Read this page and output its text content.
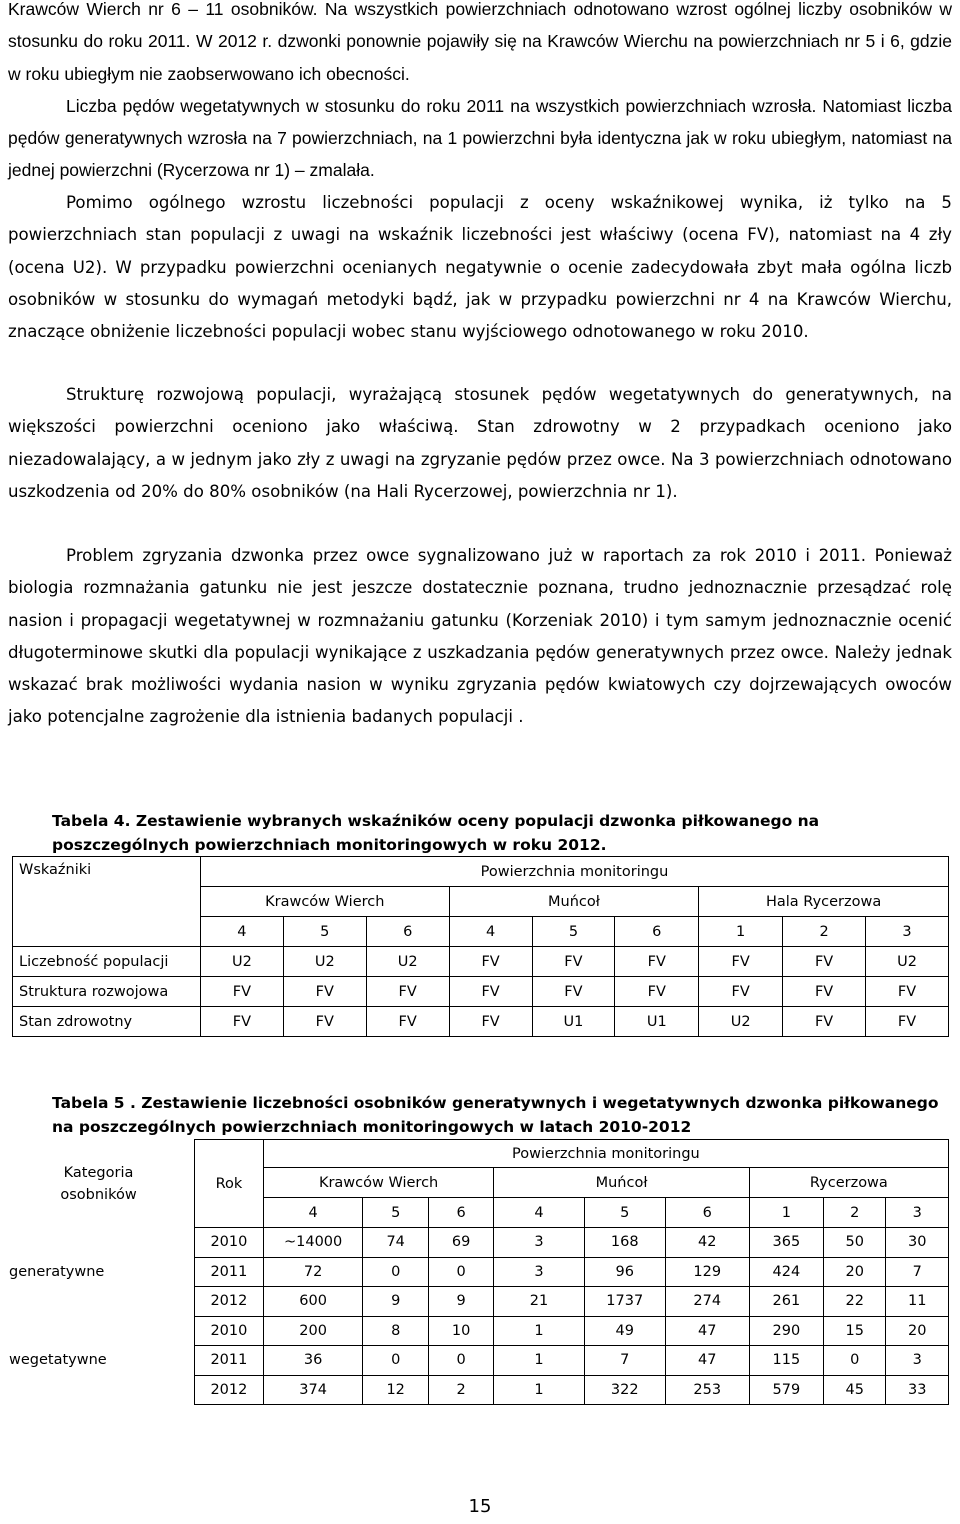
Krawców Wierch nr 6 – 11 osobników. Na wszystkich powierzchniach odnotowano wzrost ogólnej liczby osobników w stosunku do roku 2011. W 2012 r. dzwonki ponownie pojawiły się na Krawców Wierchu na powierzchniach nr 5 i 6, gdzie w roku ubiegłym nie zaobserwowano ich obecności.
Liczba pędów wegetatywnych w stosunku do roku 2011 na wszystkich powierzchniach wzrosła. Natomiast liczba pędów generatywnych wzrosła na 7 powierzchniach, na 1 powierzchni była identyczna jak w roku ubiegłym, natomiast na jednej powierzchni (Rycerzowa nr 1) – zmalała.

Pomimo ogólnego wzrostu liczebności populacji z oceny wskaźnikowej wynika, iż tylko na 5 powierzchniach stan populacji z uwagi na wskaźnik liczebności jest właściwy (ocena FV), natomiast na 4 zły (ocena U2). W przypadku powierzchni ocenianych negatywnie o ocenie zadecydowała zbyt mała ogólna liczb osobników w stosunku do wymagań metodyki bądź, jak w przypadku powierzchni nr 4 na Krawców Wierchu, znaczące obniżenie liczebności populacji wobec stanu wyjściowego odnotowanego w roku 2010.

Strukturę rozwojową populacji, wyrażającą stosunek pędów wegetatywnych do generatywnych, na większości powierzchni oceniono jako właściwą. Stan zdrowotny w 2 przypadkach oceniono jako niezadowalający, a w jednym jako zły z uwagi na zgryzanie pędów przez owce. Na 3 powierzchniach odnotowano uszkodzenia od 20% do 80% osobników (na Hali Rycerzowej, powierzchnia nr 1).

Problem zgryzania dzwonka przez owce sygnalizowano już w raportach za rok 2010 i 2011. Ponieważ biologia rozmnażania gatunku nie jest jeszcze dostatecznie poznana, trudno jednoznacznie przesądzać rolę nasion i propagacji wegetatywnej w rozmnażaniu gatunku (Korzeniak 2010) i tym samym jednoznacznie ocenić długoterminowe skutki dla populacji wynikające z uszkadzania pędów generatywnych przez owce. Należy jednak wskazać brak możliwości wydania nasion w wyniku zgryzania pędów kwiatowych czy dojrzewających owoców jako potencjalne zagrożenie dla istnienia badanych populacji .

Tabela 4. Zestawienie wybranych wskaźników oceny populacji dzwonka piłkowanego na
poszczególnych powierzchniach monitoringowych w roku 2012.

Wskaźniki	Powierzchnia monitoringu								
	Krawców Wierch			Muńcoł			Hala Rycerzowa		
	4	5	6	4	5	6	1	2	3
Liczebność populacji	U2	U2	U2	FV	FV	FV	FV	FV	U2
Struktura rozwojowa	FV	FV	FV	FV	FV	FV	FV	FV	FV
Stan zdrowotny	FV	FV	FV	FV	U1	U1	U2	FV	FV

Tabela 5 . Zestawienie liczebności osobników generatywnych i wegetatywnych dzwonka piłkowanego
na poszczególnych powierzchniach monitoringowych w latach 2010-2012

Kategoria
osobników	Rok	Powierzchnia monitoringu								
		Krawców Wierch			Muńcoł			Rycerzowa		
		4	5	6	4	5	6	1	2	3
generatywne	2010	~14000	74	69	3	168	42	365	50	30
	2011	72	0	0	3	96	129	424	20	7
	2012	600	9	9	21	1737	274	261	22	11
wegetatywne	2010	200	8	10	1	49	47	290	15	20
	2011	36	0	0	1	7	47	115	0	3
	2012	374	12	2	1	322	253	579	45	33
15
